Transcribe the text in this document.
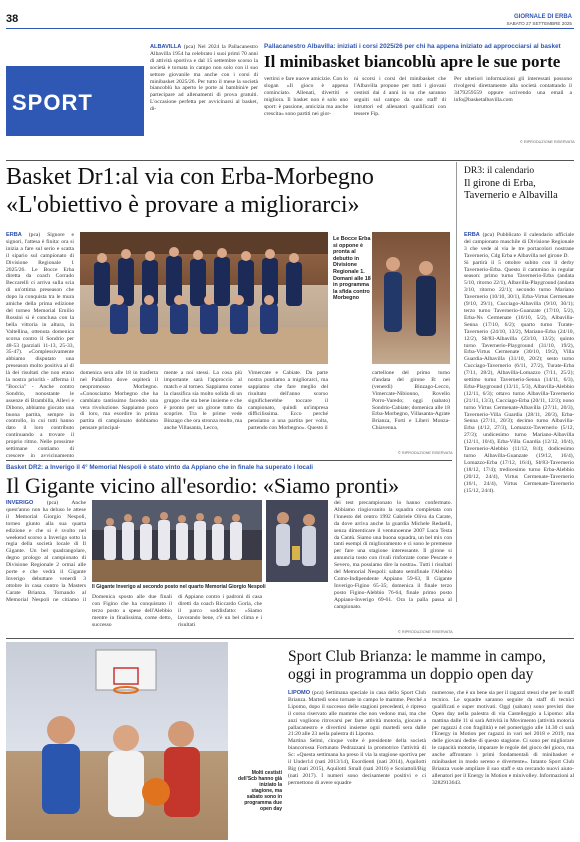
38	GIORNALE DI ERBA
SABATO 27 SETTEMBRE 2025
SPORT
Pallacanestro Albavilla: iniziati i corsi 2025/26 per chi ha appena iniziato ad approcciarsi al basket
Il minibasket biancoblù apre le sue porte
ALBAVILLA (pca) Nel 2024 la Pallacanestro Albavilla 1954 ha celebrato i suoi primi 70 anni di attività sportiva e dal 15 settembre scorso la società è tornata in campo non solo con il suo settore giovanile ma anche con i corsi di minibasket 2025/26. Per tutto il mese la società biancoblù ha aperto le porte ai bambini/e per partecipare ad allenamenti di prova gratuiti. L'occasione perfetta per avvicinarsi al basket, di-
vertirsi e fare nuove amicizie. Con lo slogan «Il gioco è appena cominciato. Allenati, divertiti e migliora. Il basket non è solo uno sport: è passione, amicizia ma anche crescita» sono partiti nei gior-
ni scorsi i corsi del minibasket che l'Albavilla propone per tutti i giovani cestisti dai 4 anni in su che saranno seguiti sul campo da uno staff di istruttori ed allenatori qualificati con tessere Fip.
Per ulteriori informazioni gli interessati possono rivolgersi direttamente alla società contattando il 3479259559 oppure scrivendo una email a info@basketalbavilla.com
© RIPRODUZIONE RISERVATA
Basket Dr1:al via con Erba-Morbegno
«L'obiettivo è provare a migliorarci»
ERBA (pca) Signore e signori, l'attesa è finita: ora si inizia a fare sul serio e scatta il sipario sul campionato di Divisione Regionale 1 2025/26. Le Bocce Erba diretta da coach Corrado Beccarelli ci arriva sulla scia di un'ottima preseason che dopo la conquista tra le mura amiche della prima edizione del torneo Memorial Emilio Rossini si è conclusa con la bella vittoria in altura, in Valtellina, ottenuta domenica scorsa contro il Sondrio per 48-53 (parziali 11-13, 25-33, 35-47). «Complessivamente abbiamo disputato una preseason molto positiva al di là dei risultati che non erano la nostra priorità - afferma il "Boccia" - Anche contro Sondrio, nonostante le assenze di Brambilla, Allevi e Dibono, abbiamo giocato una buona partita, sempre in controllo, in cui tutti hanno dato il loro contributo continuando a trovare il proprio ritmo. Nelle prossime settimane contiamo di crescere in avvicinamento
domenica sera alle 18 in trasferta nel Palafibra dove ospiterà il neopromosso Morbegno. «Conosciamo Morbegno che ha cambiato tantissimo facendo una vera rivoluzione. Sappiamo poco di loro, ma esordire in prima partita di campionato dobbiamo pensare principal-
mente a noi stessi. La cosa più importante sarà l'approccio al match e al torneo. Sappiamo come la classifica sia molto solida di un gruppo che sta bene insieme e che è pronto per un girone tutto da scoprire. Tra le prime vede Binzago che ora stronza molto, ma anche Villasanta, Lecco,
Vimercate e Cabiate. Da parte nostra puntiamo a migliorarci, ma sappiamo che fare meglio del risultato dell'anno scorso significherebbe toccare il campionato, quindi un'impresa difficilissima. Ecco perché pensiamo a una partita per volta, partendo con Morbegno». Questo il
Le Bocce Erba si oppone è pronta al debutto in Divisione Regionale 1. Domani alle 18 in programma la sfida contro Morbegno
cartellone del primo turno d'andata del girone B: nei (venerdì) Binzago-Lecco, Vimercate-Nibionno, Rovello Porro-Varedo; oggi (sabato) Sondrio-Cabiate; domenica alle 18 Erba-Morbegno, Villasanta-Agrate Brianza, Forti e Liberi Monza-Chiavenna.
© RIPRODUZIONE RISERVATA
DR3: il calendario
Il girone di Erba, Tavernerio e Albavilla
ERBA (pca) Pubblicato il calendario ufficiale del campionato maschile di Divisione Regionale 3 che vede al via le tre portacolori nostrane Tavernerio, Cdg Erba e Albavilla nel girone D.
Si partirà il 5 ottobre subito con il derby Tavernerio-Erba. Questo il cammino in regular season: primo turno Tavernerio-Erba (andata 5/10, ritorno 22/1), Albavilla-Playground (andata 3/10, ritorno 22/1); secondo turno Mariano Tavernerio (10/10, 30/1), Erba-Virtus Cermenate (9/10, 29/1), Cucciago-Albavilla (9/10, 30/1); terzo turno Tavernerio-Guanzate (17/10, 5/2), Erba-Ns Cermenate (16/10, 5/2), Albavilla-Senna (17/10, 6/2); quarto turno Turate-Tavernerio (24/10, 13/2), Mariano-Erba (24/10, 12/2), Sb'83-Albavilla (23/10, 13/2); quinto turno Tavernerio-Playground (31/10, 19/2), Erba-Virtus Cermenate (30/10, 19/2), Villa Guardia-Albavilla (31/10, 20/2); sesto turno Cucciago-Tavernerio (6/11, 27/2), Turate-Erba (7/11, 28/2), Albavilla-Lomazzo (7/11, 25/2); settimo turno Tavernerio-Senna (14/11, 6/3), Erba-Playground (13/11, 5/3), Albavilla-Alebbio (12/11, 6/3); ottavo turno Albavilla-Tavernerio (21/11, 13/3), Cucciago-Erba (20/11, 12/3); nono turno Virtus Cermenate-Albavilla (27/11, 20/3), Tavernerio-Villa Guardia (28/11, 20/3), Erba-Senna (27/11, 20/3); decimo turno Albavilla-Erba (4/12, 27/3), Lomazzo-Tavernerio (5/12, 27/3); undicesimo turno Mariano-Albavilla (12/11, 10/4), Erba-Villa Guardia (12/12, 10/4), Tavernerio-Alebbio (11/12, 8/4); dodicesimo turno Albavilla-Guanzate (19/12, 16/4), Lomazzo-Erba (17/12, 16/4), Sb'83-Tavernerio (18/12, 17/4); tredicesimo turno Erba-Alebbio (20/12, 24/4), Virtus Cermenate-Tavernerio (16/1, 24/4), Virtus Cermenate-Tavernerio (15/12, 24/4).
Basket DR2: a Inverigo il 4° Memorial Nespoli è stato vinto da Appiano che in finale ha superato i locali
Il Gigante vicino all'esordio: «Siamo pronti»
INVERIGO (pca) Anche quest'anno non ha deluso le attese il Memorial Giorgio Nespoli, torneo giunto alla sua quarta edizione e che si è svolto nel weekend scorso a Inverigo sotto la regia della società locale di Il Gigante. Un bel quadrangolare, degno prologo al campionato di Divisione Regionale 2 ormai alle porte e che vedrà il Gigante Inverigo debuttare venerdì 3 ottobre in casa contro la Masters Carate Brianza. Tornando al Memorial Nespoli ne citiamo il
Il Gigante Inverigo al secondo posto nel quarto Memorial Giorgio Nespoli
Domenica sposto alle due finali con Figino che ha conquistato il terzo posto a spese dell'Alebbio mentre in finalissima, come detto, successo
di Appiano contro i padroni di casa diretti da coach Riccardo Gorla, che il parco soddisfatto: «Siamo lavorando bene, c'è un bel clima e i risultati
dei test precampionato lo hanno confermato. Abbiamo ringiovanito la squadra completata con l'innesto del centro 1992 Gabriele Oliva da Carate, da dove arriva anche la guardia Michele Redaelli, senza dimenticare il ventunoenne 2007 Luca Testa da Cantù. Siamo una buona squadra, un bel mix con tanti esempi di miglioramento e ci sono le premesse per fare una stagione interessante. Il girone si annuncia tosto con rivali rinforzate come Pescate e Severo, ma possiamo dire la nostra». Tutti i risultati del Memorial Nespoli: sabato semifinale l'Alebbio Como-Indipendente Appiano 59-63, Il Gigante Inverigo-Figino 65-35; domenica il finale terzo posto Figino-Alebbio 76-64, finale primo posto Appiano-Inverigo 69-61. Ora la palla passa al campionato.
© RIPRODUZIONE RISERVATA
Molti cestisti dell'Scb hanno già iniziato la stagione, ma sabato sono in programma due open day
Sport Club Brianza: le mamme in campo,
oggi in programma un doppio open day
LIPOMO (pca) Settimana speciale in casa dello Sport Club Brianza. Martedì sono tornate in campo le mamme. Perché a Lipomo, dopo il successo delle stagioni precedenti, è ripreso il corso riservato alle mamme che non vedono mai, ma che anzi vogliono ritrovarsi per fare attività motoria, giocare a pallacanestro e divertirsi insieme ogni martedì sera dalle 21:20 alle 23 nella palestra di Lipomo.
Martina Selmi, cinque volte è presidente della società biancorossa Fortunato Pedrazzani la promotrice l'attività di Sc: «Questa settimana ha preso il via la stagione sportiva per il Under14 (nati 2013/14), Esordienti (nati 2014), Aquilotti Big (nati 2015), Aquilotti Small (nati 2016) e Scoiattoli/Big (nati 2017). I numeri sono decisamente positivi e ci permettono di avere squadre
numerose, che è un bene sia per il ragazzi stessi che per lo staff tecnico. Le squadre saranno seguite da staff di tecnici qualificati e super motivati. Oggi (sabato) sono previsti due Open day nella palestra di via Castelleggio a Lipomo: alla mattina dalle 11 si sarà Attività in Movimento (attività motoria per ragazzi 4 con fragilità) e nel pomeriggio alle 14.30 ci sarà l'Energy in Motion per ragazzi in vari nel 2018 e 2019, ma delle giovani dedite di questo stagione. Ci sono per migliorare le capacità motorie, imparare le regole del gioco del gioco, ma anche affrontare i primi fondamentali di minibasket e minibasket in modo sereno e divertente». Intanto Sport Club Brianza vuole ampliare il suo staff e sta cercando nuovi aiuto-allenatori per il Energy in Motion e minivolley. Informazioni al 3282913643.
